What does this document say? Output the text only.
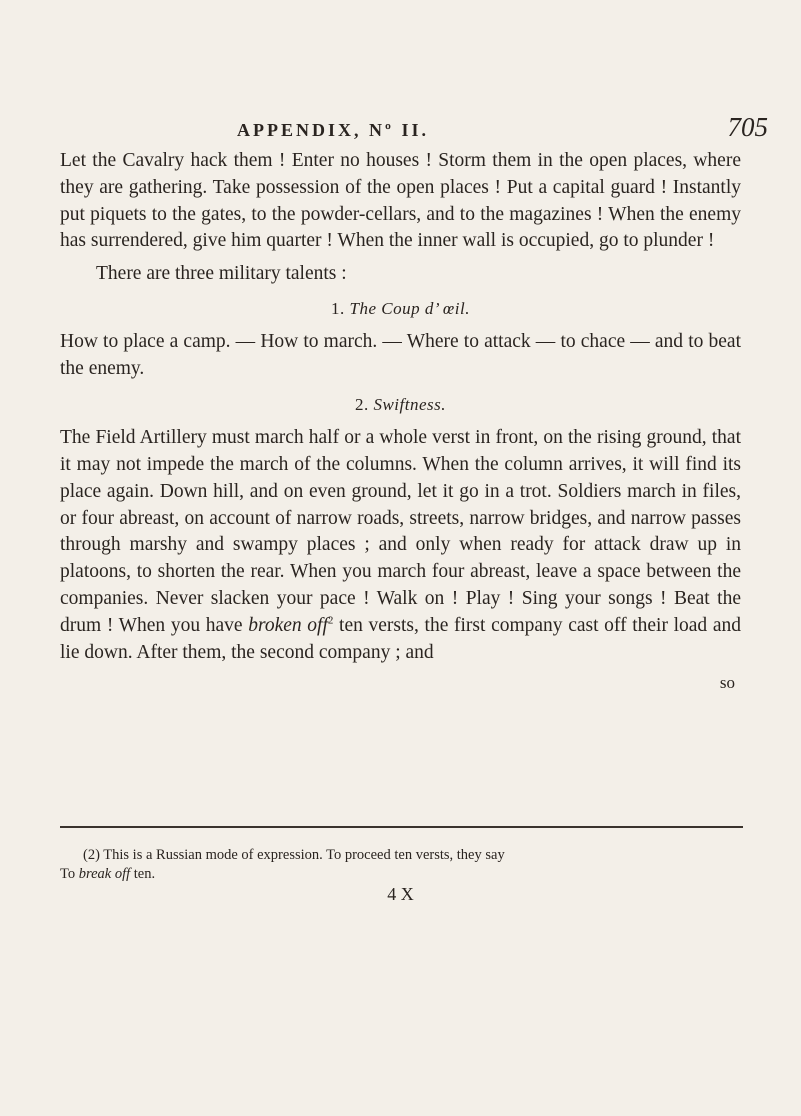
APPENDIX, Nº II.	705

Let the Cavalry hack them ! Enter no houses ! Storm them in the open places, where they are gathering. Take possession of the open places ! Put a capital guard ! Instantly put piquets to the gates, to the powder-cellars, and to the magazines ! When the enemy has surrendered, give him quarter ! When the inner wall is occupied, go to plunder !

There are three military talents :

1. The Coup d’ œil.

How to place a camp. — How to march. — Where to attack — to chace — and to beat the enemy.

2. Swiftness.

The Field Artillery must march half or a whole verst in front, on the rising ground, that it may not impede the march of the columns. When the column arrives, it will find its place again. Down hill, and on even ground, let it go in a trot. Soldiers march in files, or four abreast, on account of narrow roads, streets, narrow bridges, and narrow passes through marshy and swampy places ; and only when ready for attack draw up in platoons, to shorten the rear. When you march four abreast, leave a space between the companies. Never slacken your pace ! Walk on ! Play ! Sing your songs ! Beat the drum ! When you have broken off$^2$ ten versts, the first company cast off their load and lie down. After them, the second company ; and

so
(2) This is a Russian mode of expression. To proceed ten versts, they say
To break off ten.
4 X
